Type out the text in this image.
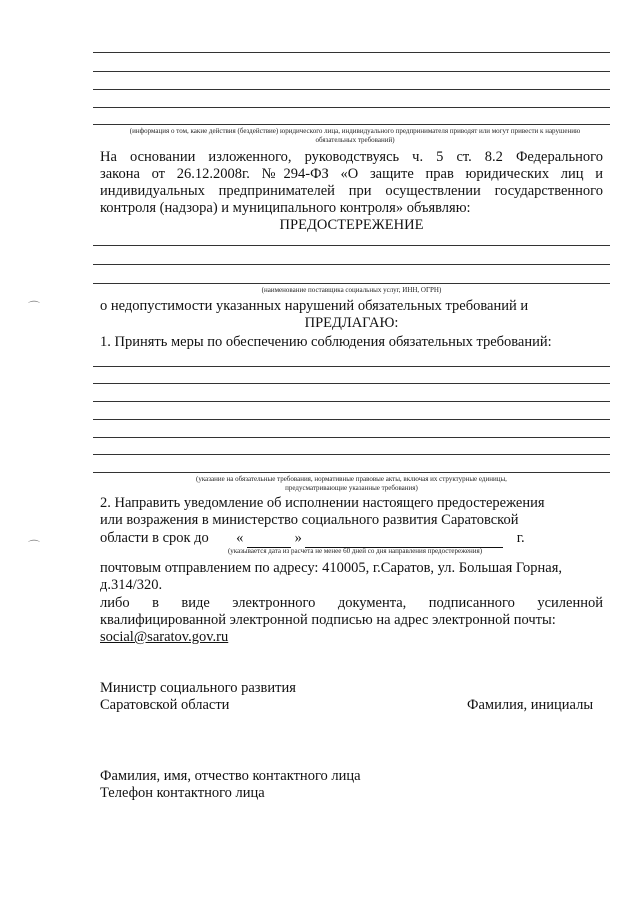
(информация о том, какие действия (бездействие) юридического лица, индивидуального предпринимателя приводят или могут привести к нарушению обязательных требований)
На основании изложенного, руководствуясь ч. 5 ст. 8.2 Федерального
закона от 26.12.2008г. №294-ФЗ «О защите прав юридических лиц и
индивидуальных предпринимателей при осуществлении государственного
контроля (надзора) и муниципального контроля» объявляю:
ПРЕДОСТЕРЕЖЕНИЕ
(наименование поставщика социальных услуг, ИНН, ОГРН)
⌒	о недопустимости указанных нарушений обязательных требований и
ПРЕДЛАГАЮ:
1. Принять меры по обеспечению соблюдения обязательных требований:
(указание на обязательные требования, нормативные правовые акты, включая их структурные единицы,
предусматривающие указанные требования)
2. Направить уведомление об исполнении настоящего предостережения
или возражения в министерство социального развития Саратовской
области в срок до «	»	г.
(указывается дата из расчета не менее 60 дней со дня направления предостережения)
⌒
почтовым отправлением по адресу: 410005, г.Саратов, ул. Большая Горная,
д.314/320.
либо в виде электронного документа, подписанного усиленной
квалифицированной электронной подписью на адрес электронной почты:
social@saratov.gov.ru
Министр социального развития
Саратовской области	Фамилия, инициалы
Фамилия, имя, отчество контактного лица
Телефон контактного лица
